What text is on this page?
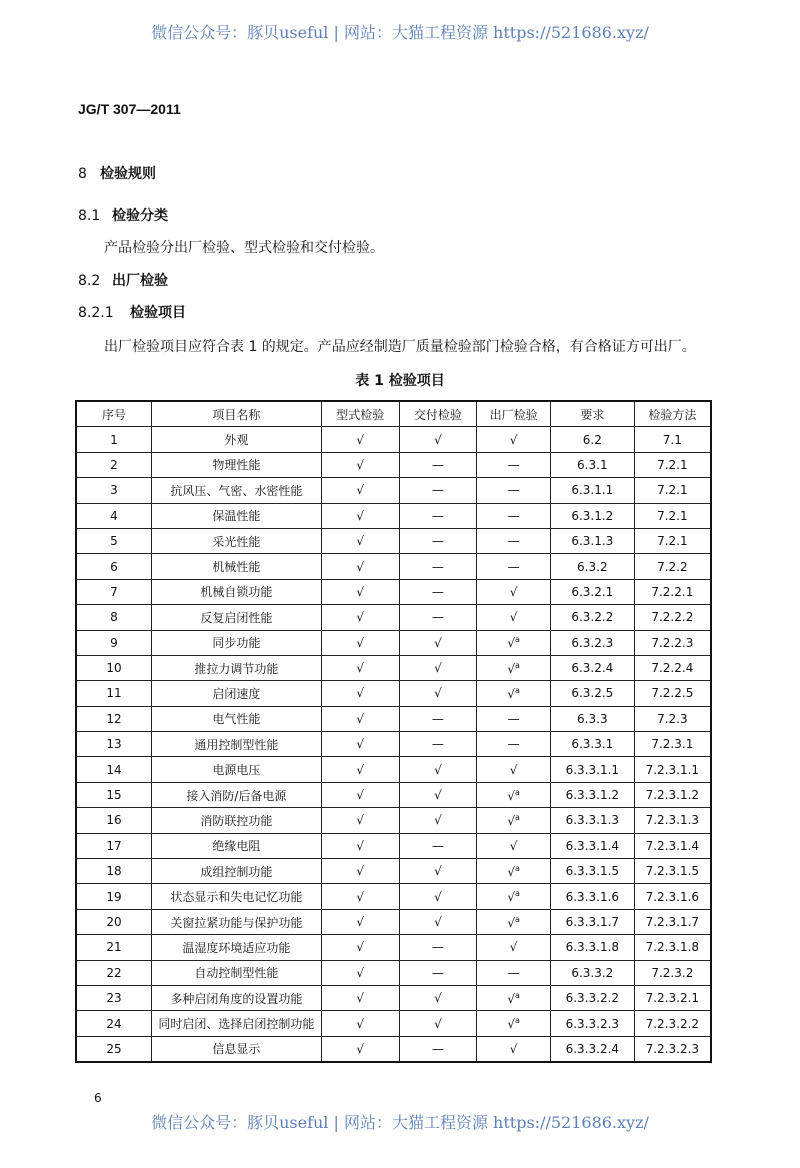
微信公众号：豚贝useful | 网站：大猫工程资源 https://521686.xyz/
JG/T 307—2011
8 检验规则
8.1 检验分类
产品检验分出厂检验、型式检验和交付检验。
8.2 出厂检验
8.2.1 检验项目
出厂检验项目应符合表 1 的规定。产品应经制造厂质量检验部门检验合格，有合格证方可出厂。
表 1 检验项目
序号	项目名称	型式检验	交付检验	出厂检验	要求	检验方法
1	外观	√	√	√	6.2	7.1
2	物理性能	√	—	—	6.3.1	7.2.1
3	抗风压、气密、水密性能	√	—	—	6.3.1.1	7.2.1
4	保温性能	√	—	—	6.3.1.2	7.2.1
5	采光性能	√	—	—	6.3.1.3	7.2.1
6	机械性能	√	—	—	6.3.2	7.2.2
7	机械自锁功能	√	—	√	6.3.2.1	7.2.2.1
8	反复启闭性能	√	—	√	6.3.2.2	7.2.2.2
9	同步功能	√	√	√$^a$	6.3.2.3	7.2.2.3
10	推拉力调节功能	√	√	√$^a$	6.3.2.4	7.2.2.4
11	启闭速度	√	√	√$^a$	6.3.2.5	7.2.2.5
12	电气性能	√	—	—	6.3.3	7.2.3
13	通用控制型性能	√	—	—	6.3.3.1	7.2.3.1
14	电源电压	√	√	√	6.3.3.1.1	7.2.3.1.1
15	接入消防/后备电源	√	√	√$^a$	6.3.3.1.2	7.2.3.1.2
16	消防联控功能	√	√	√$^a$	6.3.3.1.3	7.2.3.1.3
17	绝缘电阻	√	—	√	6.3.3.1.4	7.2.3.1.4
18	成组控制功能	√	√	√$^a$	6.3.3.1.5	7.2.3.1.5
19	状态显示和失电记忆功能	√	√	√$^a$	6.3.3.1.6	7.2.3.1.6
20	关窗拉紧功能与保护功能	√	√	√$^a$	6.3.3.1.7	7.2.3.1.7
21	温湿度环境适应功能	√	—	√	6.3.3.1.8	7.2.3.1.8
22	自动控制型性能	√	—	—	6.3.3.2	7.2.3.2
23	多种启闭角度的设置功能	√	√	√$^a$	6.3.3.2.2	7.2.3.2.1
24	同时启闭、选择启闭控制功能	√	√	√$^a$	6.3.3.2.3	7.2.3.2.2
25	信息显示	√	—	√	6.3.3.2.4	7.2.3.2.3
6
微信公众号：豚贝useful | 网站：大猫工程资源 https://521686.xyz/
